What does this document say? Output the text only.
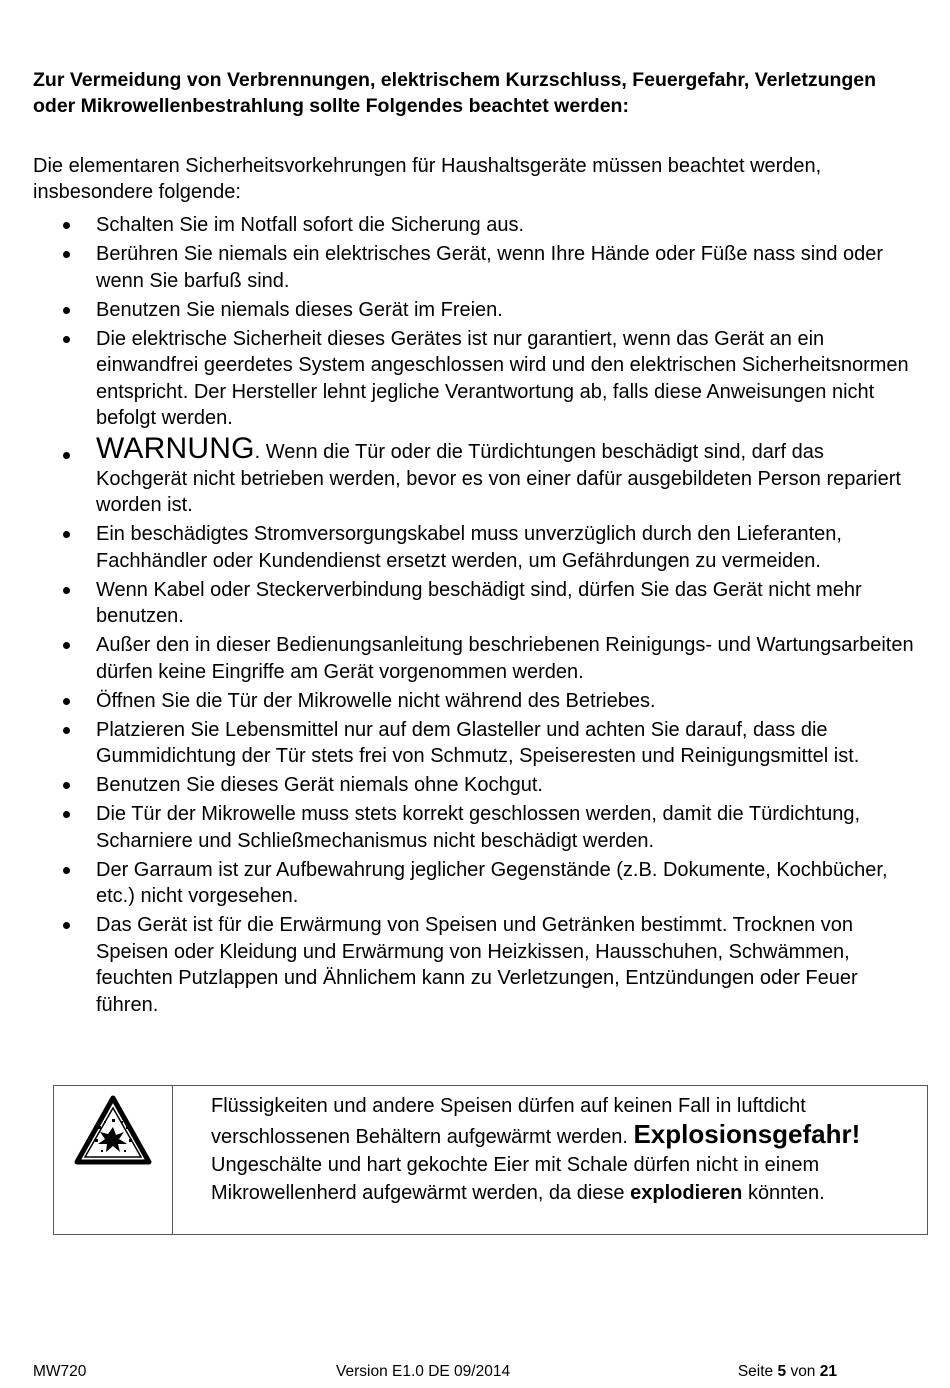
Zur Vermeidung von Verbrennungen, elektrischem Kurzschluss, Feuergefahr, Verletzungen oder Mikrowellenbestrahlung sollte Folgendes beachtet werden:

Die elementaren Sicherheitsvorkehrungen für Haushaltsgeräte müssen beachtet werden, insbesondere folgende:

Schalten Sie im Notfall sofort die Sicherung aus.
Berühren Sie niemals ein elektrisches Gerät, wenn Ihre Hände oder Füße nass sind oder wenn Sie barfuß sind.
Benutzen Sie niemals dieses Gerät im Freien.
Die elektrische Sicherheit dieses Gerätes ist nur garantiert, wenn das Gerät an ein einwandfrei geerdetes System angeschlossen wird und den elektrischen Sicherheitsnormen entspricht. Der Hersteller lehnt jegliche Verantwortung ab, falls diese Anweisungen nicht befolgt werden.
WARNUNG. Wenn die Tür oder die Türdichtungen beschädigt sind, darf das Kochgerät nicht betrieben werden, bevor es von einer dafür ausgebildeten Person repariert worden ist.
Ein beschädigtes Stromversorgungskabel muss unverzüglich durch den Lieferanten, Fachhändler oder Kundendienst ersetzt werden, um Gefährdungen zu vermeiden.
Wenn Kabel oder Steckerverbindung beschädigt sind, dürfen Sie das Gerät nicht mehr benutzen.
Außer den in dieser Bedienungsanleitung beschriebenen Reinigungs- und Wartungsarbeiten dürfen keine Eingriffe am Gerät vorgenommen werden.
Öffnen Sie die Tür der Mikrowelle nicht während des Betriebes.
Platzieren Sie Lebensmittel nur auf dem Glasteller und achten Sie darauf, dass die Gummidichtung der Tür stets frei von Schmutz, Speiseresten und Reinigungsmittel ist.
Benutzen Sie dieses Gerät niemals ohne Kochgut.
Die Tür der Mikrowelle muss stets korrekt geschlossen werden, damit die Türdichtung, Scharniere und Schließmechanismus nicht beschädigt werden.
Der Garraum ist zur Aufbewahrung jeglicher Gegenstände (z.B. Dokumente, Kochbücher, etc.) nicht vorgesehen.
Das Gerät ist für die Erwärmung von Speisen und Getränken bestimmt. Trocknen von Speisen oder Kleidung und Erwärmung von Heizkissen, Hausschuhen, Schwämmen, feuchten Putzlappen und Ähnlichem kann zu Verletzungen, Entzündungen oder Feuer führen.
Flüssigkeiten und andere Speisen dürfen auf keinen Fall in luftdicht verschlossenen Behältern aufgewärmt werden. Explosionsgefahr! Ungeschälte und hart gekochte Eier mit Schale dürfen nicht in einem Mikrowellenherd aufgewärmt werden, da diese explodieren könnten.
MW720	Version E1.0 DE 09/2014	Seite 5 von 21
